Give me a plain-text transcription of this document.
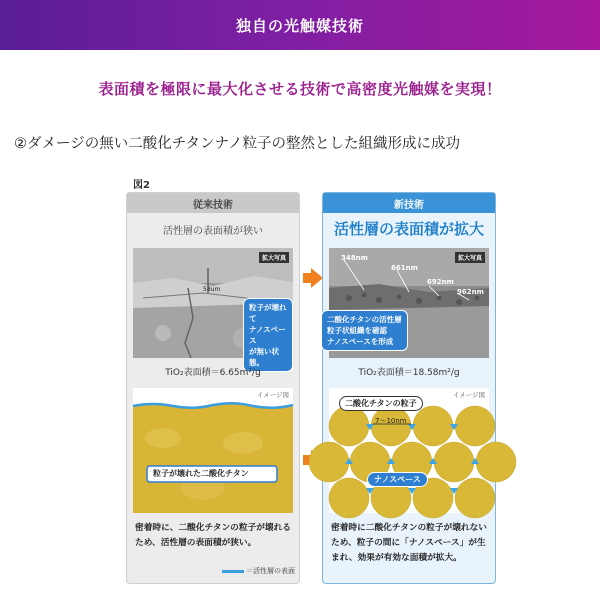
独自の光触媒技術
表面積を極限に最大化させる技術で高密度光触媒を実現！
②ダメージの無い二酸化チタンナノ粒子の整然とした組織形成に成功
図2
従来技術
活性層の表面積が狭い
拡大写真
58um
粒子が壊れて
ナノスペース
が無い状態。
TiO₂表面積＝6.65m²/g
イメージ図
粒子が壊れた二酸化チタン
密着時に、二酸化チタンの粒子が壊れるため、活性層の表面積が狭い。
＝活性層の表面
新技術
活性層の表面積が拡大
拡大写真
348nm
661nm
692nm
962nm
二酸化チタンの活性層
粒子状組織を確認
ナノスペースを形成
TiO₂表面積＝18.58m²/g
イメージ図
二酸化チタンの粒子
7〜10nm
ナノスペース
密着時に二酸化チタンの粒子が壊れないため、粒子の間に「ナノスペース」が生まれ、効果が有効な面積が拡大。
